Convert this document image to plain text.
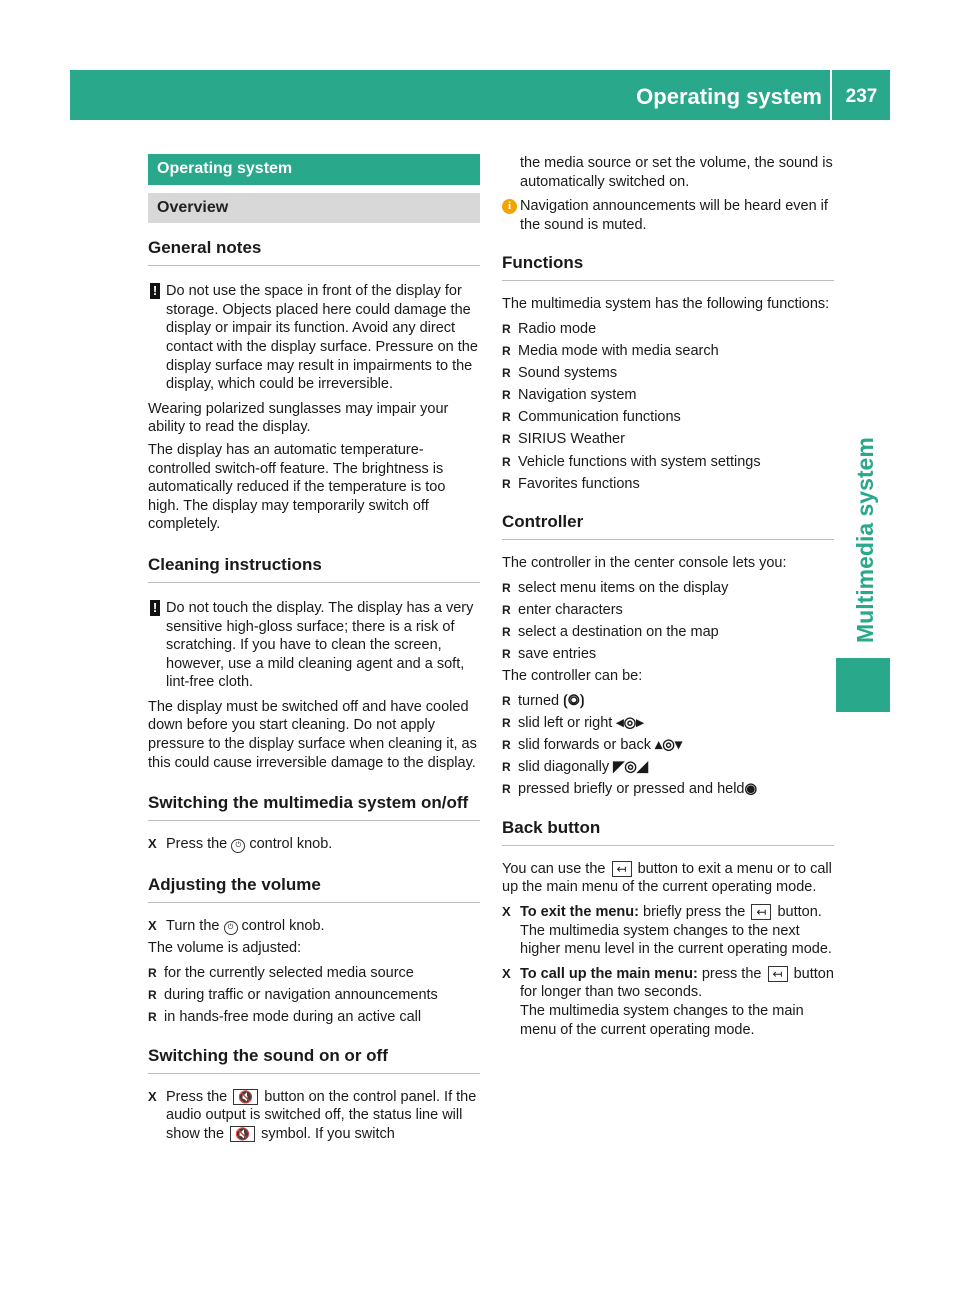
Operating system	237
Multimedia system
Operating system
Overview
General notes
! Do not use the space in front of the display for storage. Objects placed here could damage the display or impair its function. Avoid any direct contact with the display surface. Pressure on the display surface may result in impairments to the display, which could be irreversible.

Wearing polarized sunglasses may impair your ability to read the display.

The display has an automatic temperature-controlled switch-off feature. The brightness is automatically reduced if the temperature is too high. The display may temporarily switch off completely.

Cleaning instructions
! Do not touch the display. The display has a very sensitive high-gloss surface; there is a risk of scratching. If you have to clean the screen, however, use a mild cleaning agent and a soft, lint-free cloth.

The display must be switched off and have cooled down before you start cleaning. Do not apply pressure to the display surface when cleaning it, as this could cause irreversible damage to the display.

Switching the multimedia system on/off
X Press the ⏻ control knob.
Adjusting the volume
X Turn the ⏻ control knob.

The volume is adjusted:

R for the currently selected media source
R during traffic or navigation announcements
R in hands-free mode during an active call
Switching the sound on or off
X Press the 🔇 button on the control panel. If the audio output is switched off, the status line will show the 🔇 symbol. If you switch

the media source or set the volume, the sound is automatically switched on.

i Navigation announcements will be heard even if the sound is muted.

Functions

The multimedia system has the following functions:

R Radio mode
R Media mode with media search
R Sound systems
R Navigation system
R Communication functions
R SIRIUS Weather
R Vehicle functions with system settings
R Favorites functions
Controller

The controller in the center console lets you:

R select menu items on the display
R enter characters
R select a destination on the map
R save entries

The controller can be:

R turned ⟮◎⟯
R slid left or right ◂◎▸
R slid forwards or back ▴◎▾
R slid diagonally ◤◎◢
R pressed briefly or pressed and held◉
Back button

You can use the ↤ button to exit a menu or to call up the main menu of the current operating mode.

X To exit the menu: briefly press the ↤ button.

The multimedia system changes to the next higher menu level in the current operating mode.

X To call up the main menu: press the ↤ button for longer than two seconds.

The multimedia system changes to the main menu of the current operating mode.
